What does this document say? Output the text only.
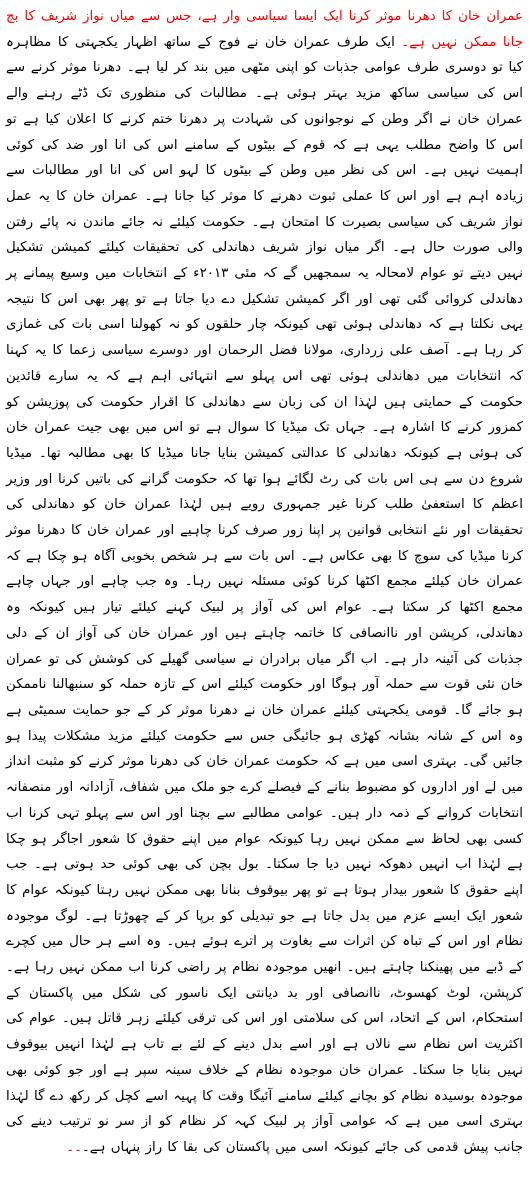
عمران خان کا دھرنا موثر کرنا ایک ایسا سیاسی وار ہے، جس سے میاں نواز شریف کا بچ جانا ممکن نہیں ہے۔ ایک طرف عمران خان نے فوج کے ساتھ اظہار یکجہتی کا مظاہرہ کیا تو دوسری طرف عوامی جذبات کو اپنی مٹھی میں بند کر لیا ہے۔ دھرنا موثر کرنے سے اس کی سیاسی ساکھ مزید بہتر ہوئی ہے۔ مطالبات کی منظوری تک ڈٹے رہنے والے عمران خان نے اگر وطن کے نوجوانوں کی شہادت پر دھرنا ختم کرنے کا اعلان کیا ہے تو اس کا واضح مطلب یہی ہے کہ قوم کے بیٹوں کے سامنے اس کی انا اور ضد کی کوئی اہمیت نہیں ہے۔ اس کی نظر میں وطن کے بیٹوں کا لہو اس کی انا اور مطالبات سے زیادہ اہم ہے اور اس کا عملی ثبوت دھرنے کا موثر کیا جانا ہے۔ عمران خان کا یہ عمل نواز شریف کی سیاسی بصیرت کا امتحان ہے۔ حکومت کیلئے نہ جائے ماندن نہ پائے رفتن والی صورت حال ہے۔ اگر میاں نواز شریف دھاندلی کی تحقیقات کیلئے کمیشن تشکیل نہیں دیتے تو عوام لامحالہ یہ سمجھیں گے کہ مئی ۲۰۱۳ء کے انتخابات میں وسیع پیمانے پر دھاندلی کروائی گئی تھی اور اگر کمیشن تشکیل دے دیا جاتا ہے تو پھر بھی اس کا نتیجہ یہی نکلتا ہے کہ دھاندلی ہوئی تھی کیونکہ چار حلقوں کو نہ کھولنا اسی بات کی غمازی کر رہا ہے۔ آصف علی زرداری، مولانا فضل الرحمان اور دوسرے سیاسی زعما کا یہ کہنا کہ انتخابات میں دھاندلی ہوئی تھی اس پہلو سے انتہائی اہم ہے کہ یہ سارے قائدین حکومت کے حمایتی ہیں لہٰذا ان کی زبان سے دھاندلی کا اقرار حکومت کی پوزیشن کو کمزور کرنے کا اشارہ ہے۔ جہاں تک میڈیا کا سوال ہے تو اس میں بھی جیت عمران خان کی ہوئی ہے کیونکہ دھاندلی کا عدالتی کمیشن بنایا جانا میڈیا کا بھی مطالبہ تھا۔ میڈیا شروع دن سے ہی اس بات کی رٹ لگائے ہوا تھا کہ حکومت گرانے کی باتیں کرنا اور وزیر اعظم کا استعفیٰ طلب کرنا غیر جمہوری رویے ہیں لہٰذا عمران خان کو دھاندلی کی تحقیقات اور نئے انتخابی قوانین پر اپنا زور صرف کرنا چاہیے اور عمران خان کا دھرنا موثر کرنا میڈیا کی سوچ کا بھی عکاس ہے۔ اس بات سے ہر شخص بخوبی آگاہ ہو چکا ہے کہ عمران خان کیلئے مجمع اکٹھا کرنا کوئی مسئلہ نہیں رہا۔ وہ جب چاہے اور جہاں چاہے مجمع اکٹھا کر سکتا ہے۔ عوام اس کی آواز پر لبیک کہنے کیلئے تیار ہیں کیونکہ وہ دھاندلی، کرپشن اور ناانصافی کا خاتمہ چاہتے ہیں اور عمران خان کی آواز ان کے دلی جذبات کی آئینہ دار ہے۔ اب اگر میاں برادران نے سیاسی گھیلے کی کوشش کی تو عمران خان نئی قوت سے حملہ آور ہوگا اور حکومت کیلئے اس کے تازہ حملہ کو سنبھالنا ناممکن ہو جائے گا۔ قومی یکجہتی کیلئے عمران خان نے دھرنا موثر کر کے جو حمایت سمیٹی ہے وہ اس کے شانہ بشانہ کھڑی ہو جائیگی جس سے حکومت کیلئے مزید مشکلات پیدا ہو جائیں گی۔ بہتری اسی میں ہے کہ حکومت عمران خان کی دھرنا موثر کرنے کو مثبت انداز میں لے اور اداروں کو مضبوط بنانے کے فیصلے کرے جو ملک میں شفاف، آزادانہ اور منصفانہ انتخابات کروانے کے ذمہ دار ہیں۔ عوامی مطالبے سے بچنا اور اس سے پہلو تہی کرنا اب کسی بھی لحاظ سے ممکن نہیں رہا کیونکہ عوام میں اپنے حقوق کا شعور اجاگر ہو چکا ہے لہٰذا اب انہیں دھوکہ نہیں دیا جا سکتا۔ بول بچن کی بھی کوئی حد ہوتی ہے۔ جب اپنے حقوق کا شعور بیدار ہوتا ہے تو پھر بیوقوف بنانا بھی ممکن نہیں رہتا کیونکہ عوام کا شعور ایک ایسے عزم میں بدل جاتا ہے جو تبدیلی کو برپا کر کے چھوڑتا ہے۔ لوگ موجودہ نظام اور اس کے تباہ کن اثرات سے بغاوت پر اترے ہوئے ہیں۔ وہ اسے ہر حال میں کچرے کے ڈبے میں پھینکنا چاہتے ہیں۔ انھیں موجودہ نظام پر راضی کرنا اب ممکن نہیں رہا ہے۔ کرپشن، لوٹ کھسوٹ، ناانصافی اور بد دیانتی ایک ناسور کی شکل میں پاکستان کے استحکام، اس کے اتحاد، اس کی سلامتی اور اس کی ترقی کیلئے زہر قاتل ہیں۔ عوام کی اکثریت اس نظام سے نالاں ہے اور اسے بدل دینے کے لئے بے تاب ہے لہٰذا انہیں بیوقوف نہیں بنایا جا سکتا۔ عمران خان موجودہ نظام کے خلاف سینہ سپر ہے اور جو کوئی بھی موجودہ بوسیدہ نظام کو بچانے کیلئے سامنے آئیگا وقت کا پہیہ اسے کچل کر رکھ دے گا لہٰذا بہتری اسی میں ہے کہ عوامی آواز پر لبیک کہہ کر نظام کو از سر نو ترتیب دینے کی جانب پیش قدمی کی جائے کیونکہ اسی میں پاکستان کی بقا کا راز پنہاں ہے۔۔۔
